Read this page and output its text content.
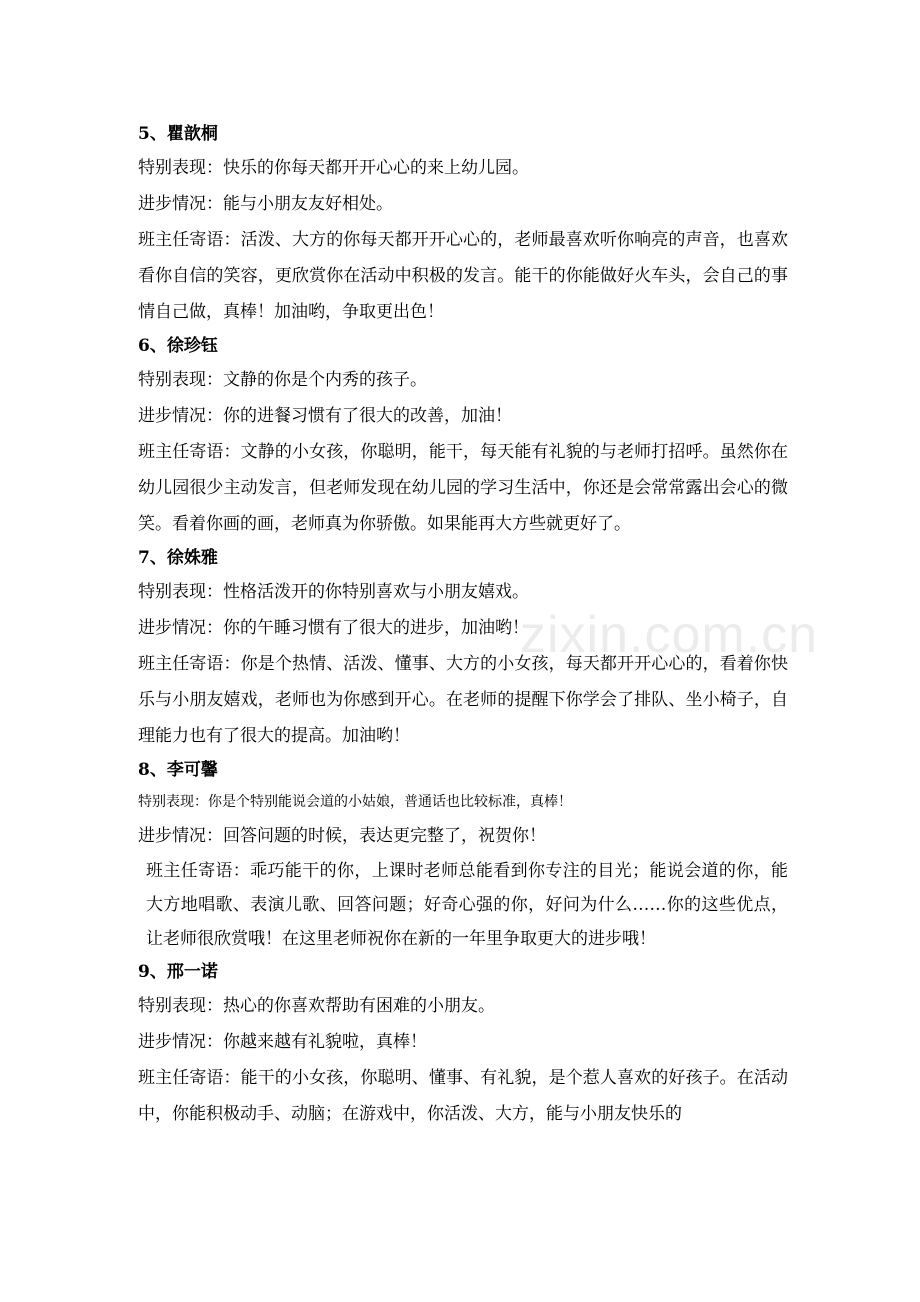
zixin.com.cn

5、瞿歆桐

特别表现：快乐的你每天都开开心心的来上幼儿园。

进步情况：能与小朋友友好相处。

班主任寄语：活泼、大方的你每天都开开心心的，老师最喜欢听你响亮的声音，也喜欢看你自信的笑容，更欣赏你在活动中积极的发言。能干的你能做好火车头，会自己的事情自己做，真棒！加油哟，争取更出色！

6、徐珍钰

特别表现：文静的你是个内秀的孩子。

进步情况：你的进餐习惯有了很大的改善，加油！

班主任寄语：文静的小女孩，你聪明，能干，每天能有礼貌的与老师打招呼。虽然你在幼儿园很少主动发言，但老师发现在幼儿园的学习生活中，你还是会常常露出会心的微笑。看着你画的画，老师真为你骄傲。如果能再大方些就更好了。

7、徐姝雅

特别表现：性格活泼开的你特别喜欢与小朋友嬉戏。

进步情况：你的午睡习惯有了很大的进步，加油哟！

班主任寄语：你是个热情、活泼、懂事、大方的小女孩，每天都开开心心的，看着你快乐与小朋友嬉戏，老师也为你感到开心。在老师的提醒下你学会了排队、坐小椅子，自理能力也有了很大的提高。加油哟！

8、李可馨

特别表现：你是个特别能说会道的小姑娘，普通话也比较标准，真棒！

进步情况：回答问题的时候，表达更完整了，祝贺你！

班主任寄语：乖巧能干的你，上课时老师总能看到你专注的目光；能说会道的你，能大方地唱歌、表演儿歌、回答问题；好奇心强的你，好问为什么……你的这些优点，让老师很欣赏哦！在这里老师祝你在新的一年里争取更大的进步哦！

9、邢一诺

特别表现：热心的你喜欢帮助有困难的小朋友。

进步情况：你越来越有礼貌啦，真棒！

班主任寄语：能干的小女孩，你聪明、懂事、有礼貌，是个惹人喜欢的好孩子。在活动中，你能积极动手、动脑；在游戏中，你活泼、大方，能与小朋友快乐的
